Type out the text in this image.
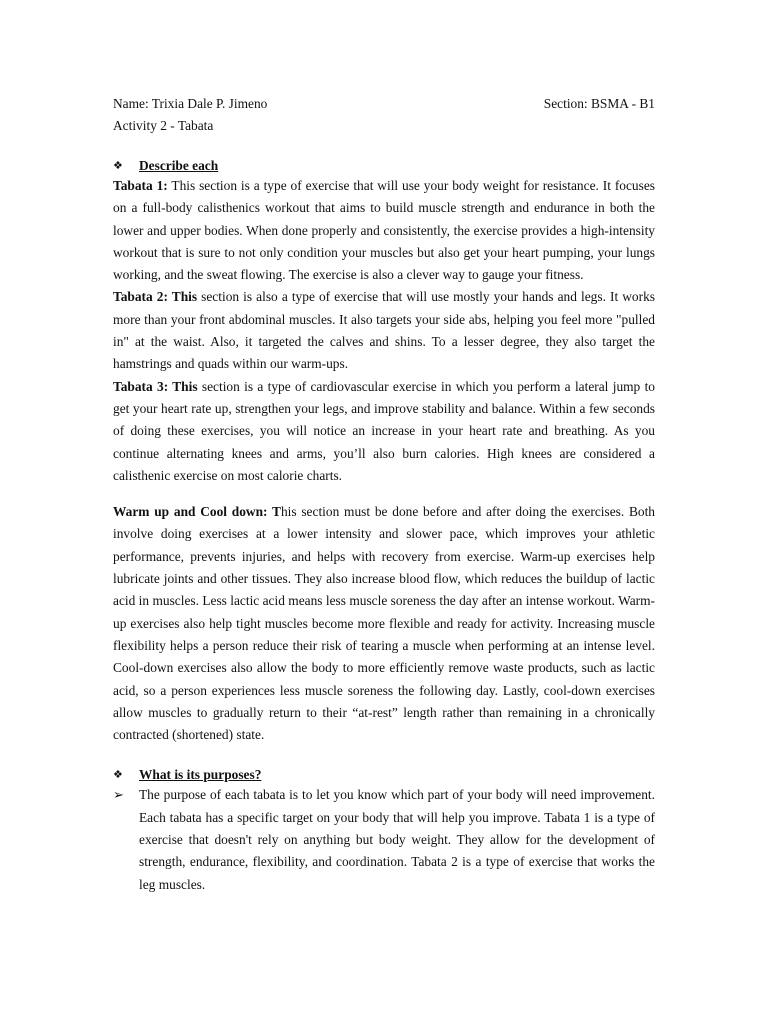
Name: Trixia Dale P. Jimeno	Section: BSMA - B1
Activity 2 - Tabata
❖	Describe each

Tabata 1: This section is a type of exercise that will use your body weight for resistance. It focuses on a full-body calisthenics workout that aims to build muscle strength and endurance in both the lower and upper bodies. When done properly and consistently, the exercise provides a high-intensity workout that is sure to not only condition your muscles but also get your heart pumping, your lungs working, and the sweat flowing. The exercise is also a clever way to gauge your fitness.

Tabata 2: This section is also a type of exercise that will use mostly your hands and legs. It works more than your front abdominal muscles. It also targets your side abs, helping you feel more "pulled in" at the waist. Also, it targeted the calves and shins. To a lesser degree, they also target the hamstrings and quads within our warm-ups.

Tabata 3: This section is a type of cardiovascular exercise in which you perform a lateral jump to get your heart rate up, strengthen your legs, and improve stability and balance. Within a few seconds of doing these exercises, you will notice an increase in your heart rate and breathing. As you continue alternating knees and arms, you’ll also burn calories. High knees are considered a calisthenic exercise on most calorie charts.

Warm up and Cool down: This section must be done before and after doing the exercises. Both involve doing exercises at a lower intensity and slower pace, which improves your athletic performance, prevents injuries, and helps with recovery from exercise. Warm-up exercises help lubricate joints and other tissues. They also increase blood flow, which reduces the buildup of lactic acid in muscles. Less lactic acid means less muscle soreness the day after an intense workout. Warm-up exercises also help tight muscles become more flexible and ready for activity. Increasing muscle flexibility helps a person reduce their risk of tearing a muscle when performing at an intense level. Cool-down exercises also allow the body to more efficiently remove waste products, such as lactic acid, so a person experiences less muscle soreness the following day. Lastly, cool-down exercises allow muscles to gradually return to their “at-rest” length rather than remaining in a chronically contracted (shortened) state.

❖	What is its purposes?
➢	The purpose of each tabata is to let you know which part of your body will need improvement. Each tabata has a specific target on your body that will help you improve. Tabata 1 is a type of exercise that doesn't rely on anything but body weight. They allow for the development of strength, endurance, flexibility, and coordination. Tabata 2 is a type of exercise that works the leg muscles.
